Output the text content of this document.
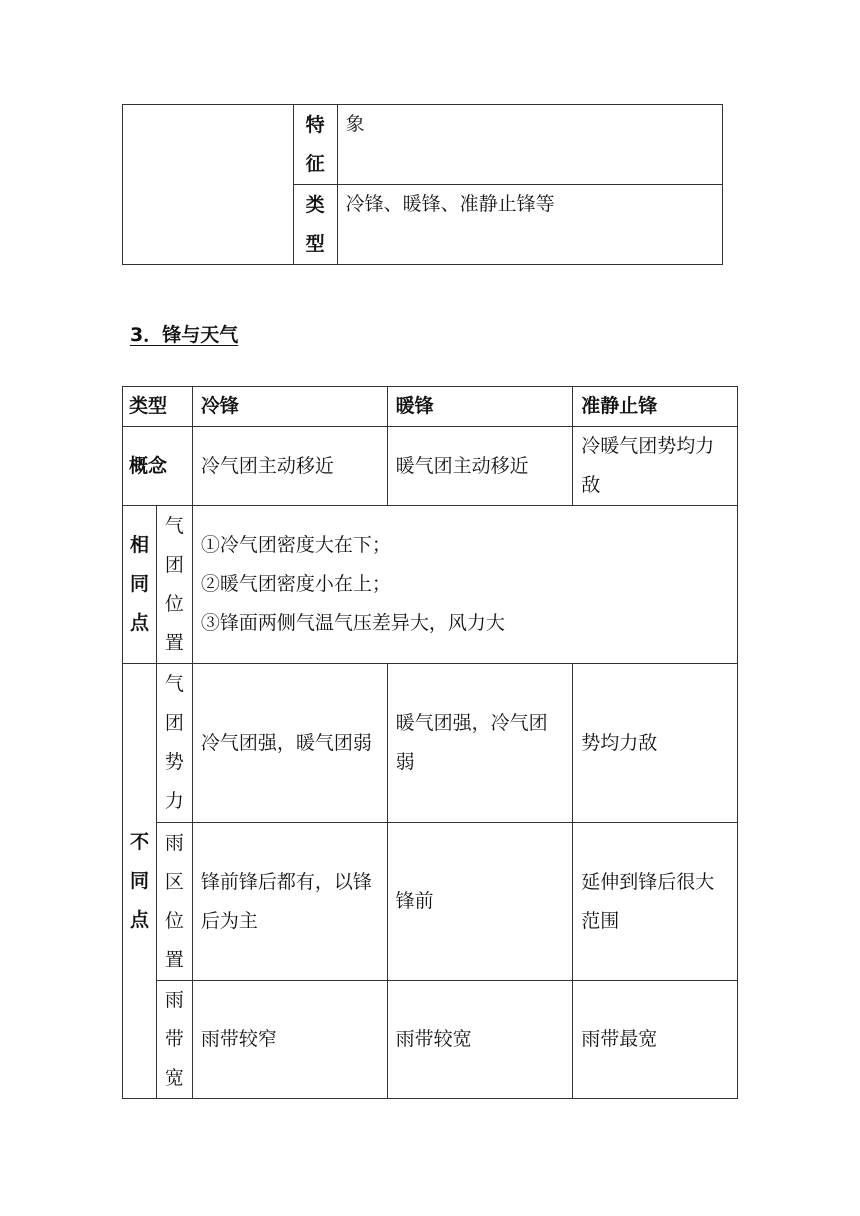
	特征	象
	类型	冷锋、暖锋、准静止锋等
3．锋与天气
类型		冷锋	暖锋	准静止锋
概念		冷气团主动移近	暖气团主动移近	冷暖气团势均力敌
相同点	气团位置	①冷气团密度大在下；
②暖气团密度小在上；
③锋面两侧气温气压差异大，风力大		

不同点	气团势力	冷气团强，暖气团弱	暖气团强，冷气团弱	势均力敌
	雨区位置	锋前锋后都有，以锋后为主	锋前	延伸到锋后很大范围
	雨带宽	雨带较窄	雨带较宽	雨带最宽
